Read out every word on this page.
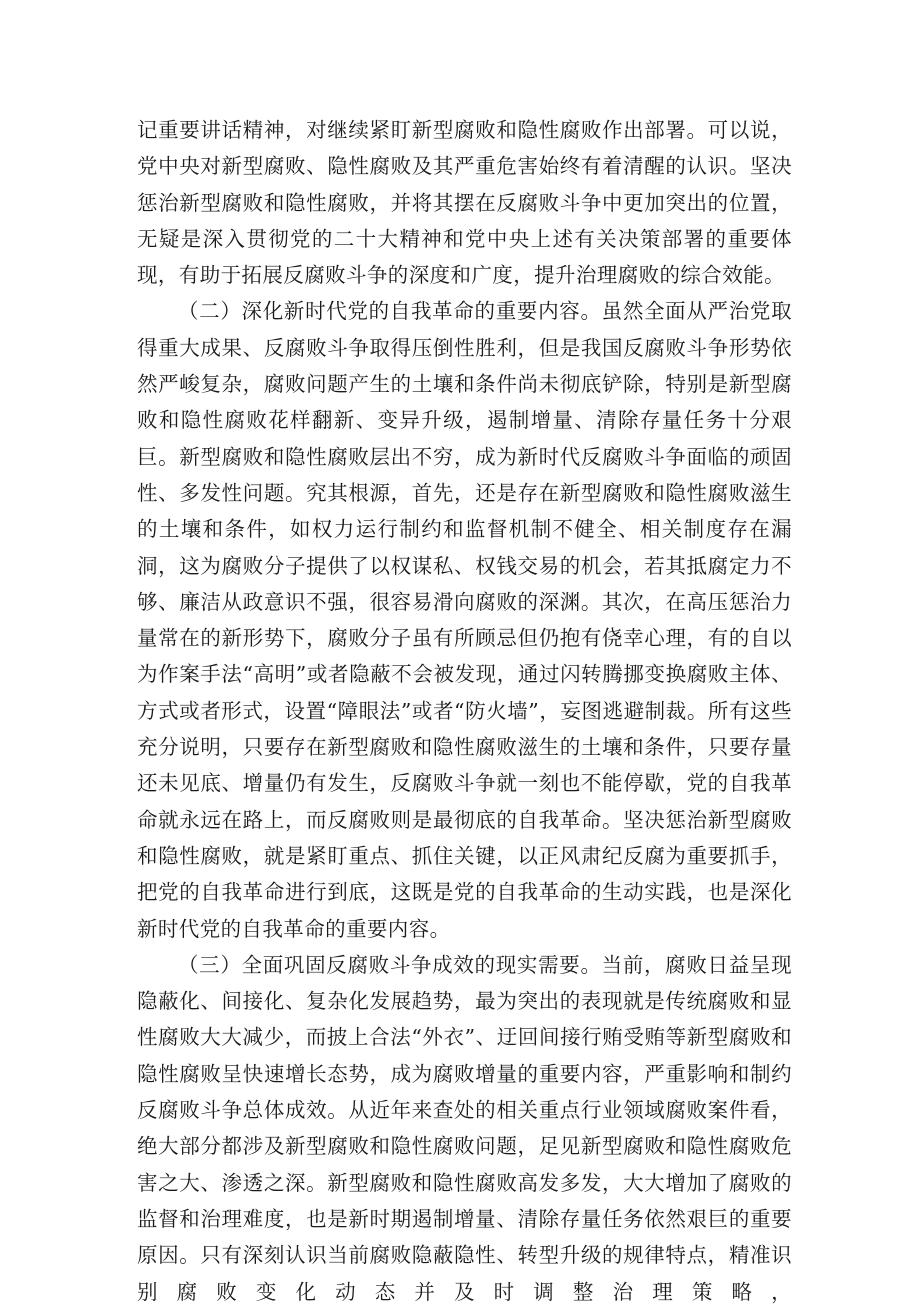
记重要讲话精神，对继续紧盯新型腐败和隐性腐败作出部署。可以说，党中央对新型腐败、隐性腐败及其严重危害始终有着清醒的认识。坚决惩治新型腐败和隐性腐败，并将其摆在反腐败斗争中更加突出的位置，无疑是深入贯彻党的二十大精神和党中央上述有关决策部署的重要体现，有助于拓展反腐败斗争的深度和广度，提升治理腐败的综合效能。

（二）深化新时代党的自我革命的重要内容。虽然全面从严治党取得重大成果、反腐败斗争取得压倒性胜利，但是我国反腐败斗争形势依然严峻复杂，腐败问题产生的土壤和条件尚未彻底铲除，特别是新型腐败和隐性腐败花样翻新、变异升级，遏制增量、清除存量任务十分艰巨。新型腐败和隐性腐败层出不穷，成为新时代反腐败斗争面临的顽固性、多发性问题。究其根源，首先，还是存在新型腐败和隐性腐败滋生的土壤和条件，如权力运行制约和监督机制不健全、相关制度存在漏洞，这为腐败分子提供了以权谋私、权钱交易的机会，若其抵腐定力不够、廉洁从政意识不强，很容易滑向腐败的深渊。其次，在高压惩治力量常在的新形势下，腐败分子虽有所顾忌但仍抱有侥幸心理，有的自以为作案手法“高明”或者隐蔽不会被发现，通过闪转腾挪变换腐败主体、方式或者形式，设置“障眼法”或者“防火墙”，妄图逃避制裁。所有这些充分说明，只要存在新型腐败和隐性腐败滋生的土壤和条件，只要存量还未见底、增量仍有发生，反腐败斗争就一刻也不能停歇，党的自我革命就永远在路上，而反腐败则是最彻底的自我革命。坚决惩治新型腐败和隐性腐败，就是紧盯重点、抓住关键，以正风肃纪反腐为重要抓手，把党的自我革命进行到底，这既是党的自我革命的生动实践，也是深化新时代党的自我革命的重要内容。

（三）全面巩固反腐败斗争成效的现实需要。当前，腐败日益呈现隐蔽化、间接化、复杂化发展趋势，最为突出的表现就是传统腐败和显性腐败大大减少，而披上合法“外衣”、迂回间接行贿受贿等新型腐败和隐性腐败呈快速增长态势，成为腐败增量的重要内容，严重影响和制约反腐败斗争总体成效。从近年来查处的相关重点行业领域腐败案件看，绝大部分都涉及新型腐败和隐性腐败问题，足见新型腐败和隐性腐败危害之大、渗透之深。新型腐败和隐性腐败高发多发，大大增加了腐败的监督和治理难度，也是新时期遏制增量、清除存量任务依然艰巨的重要原因。只有深刻认识当前腐败隐蔽隐性、转型升级的规律特点，精准识别腐败变化动态并及时调整治理策略，
